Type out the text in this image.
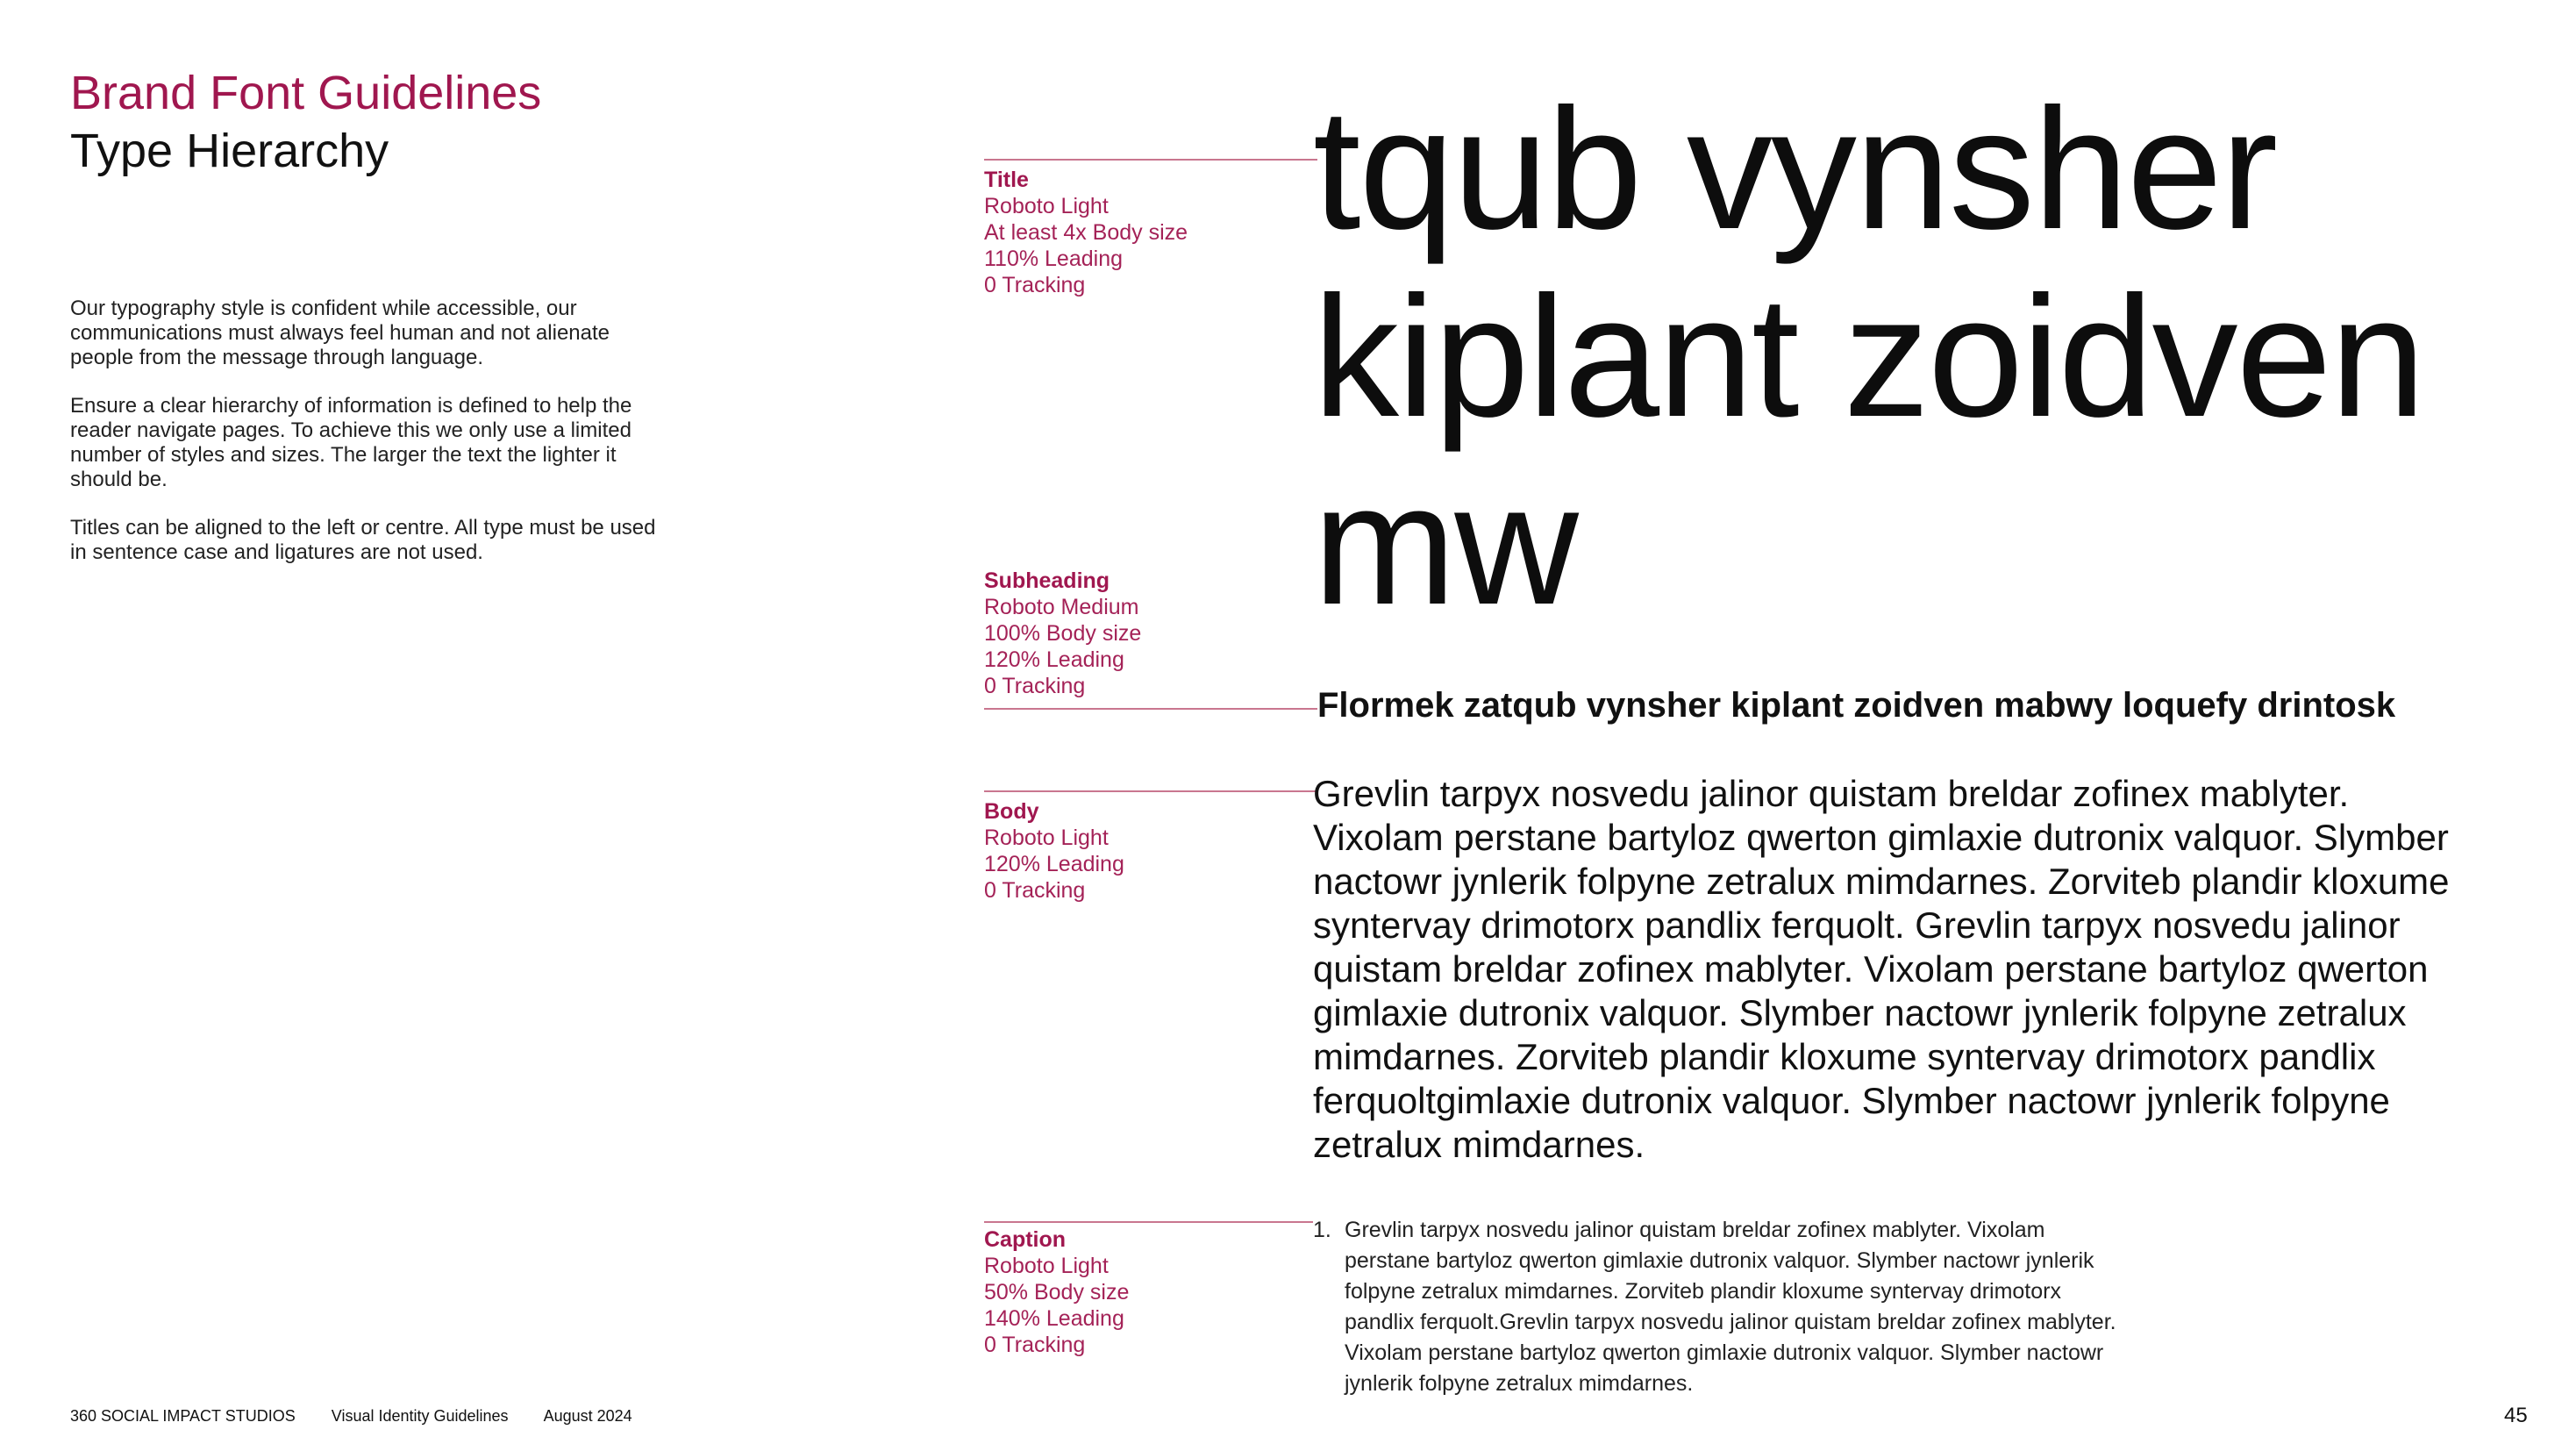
Brand Font Guidelines
Type Hierarchy

Our typography style is confident while accessible, our communications must always feel human and not alienate people from the message through language.

Ensure a clear hierarchy of information is defined to help the reader navigate pages. To achieve this we only use a limited number of styles and sizes. The larger the text the lighter it should be.

Titles can be aligned to the left or centre. All type must be used in sentence case and ligatures are not used.

Title
Roboto Light
At least 4x Body size
110% Leading
0 Tracking
Subheading
Roboto Medium
100% Body size
120% Leading
0 Tracking
Body
Roboto Light
120% Leading
0 Tracking
Caption
Roboto Light
50% Body size
140% Leading
0 Tracking
tqub vynsher kiplant zoidven mw
Flormek zatqub vynsher kiplant zoidven mabwy loquefy drintosk
Grevlin tarpyx nosvedu jalinor quistam breldar zofinex mablyter. Vixolam perstane bartyloz qwerton gimlaxie dutronix valquor. Slymber nactowr jynlerik folpyne zetralux mimdarnes. Zorviteb plandir kloxume syntervay drimotorx pandlix ferquolt. Grevlin tarpyx nosvedu jalinor quistam breldar zofinex mablyter. Vixolam perstane bartyloz qwerton gimlaxie dutronix valquor. Slymber nactowr jynlerik folpyne zetralux mimdarnes. Zorviteb plandir kloxume syntervay drimotorx pandlix ferquoltgimlaxie dutronix valquor. Slymber nactowr jynlerik folpyne zetralux mimdarnes.
1. Grevlin tarpyx nosvedu jalinor quistam breldar zofinex mablyter. Vixolam perstane bartyloz qwerton gimlaxie dutronix valquor. Slymber nactowr jynlerik folpyne zetralux mimdarnes. Zorviteb plandir kloxume syntervay drimotorx pandlix ferquolt.Grevlin tarpyx nosvedu jalinor quistam breldar zofinex mablyter. Vixolam perstane bartyloz qwerton gimlaxie dutronix valquor. Slymber nactowr jynlerik folpyne zetralux mimdarnes.
360 SOCIAL IMPACT STUDIOS Visual Identity Guidelines August 2024	45
